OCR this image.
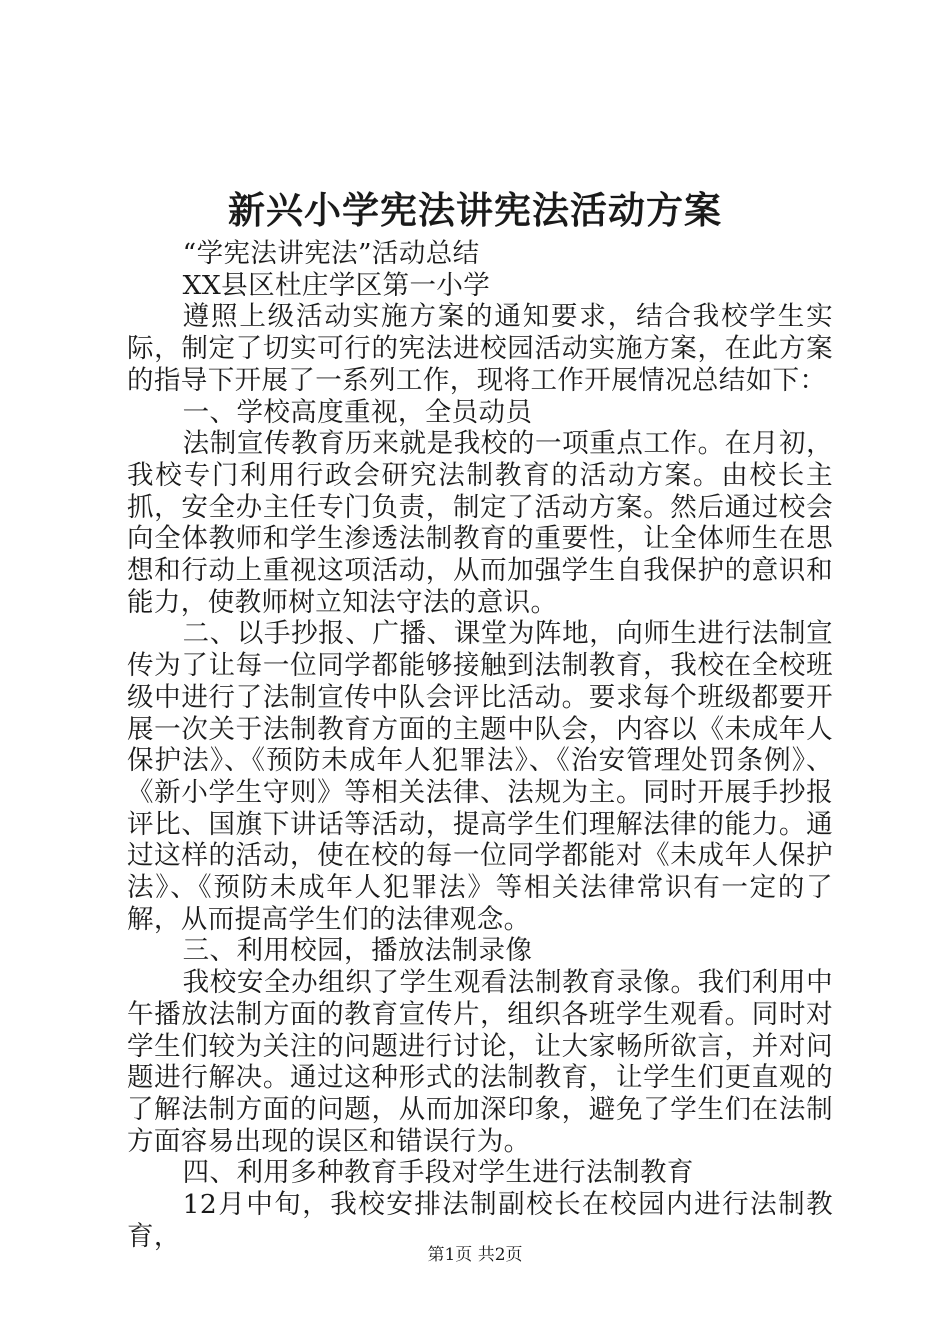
新兴小学宪法讲宪法活动方案

“学宪法讲宪法”活动总结

XX县区杜庄学区第一小学

遵照上级活动实施方案的通知要求，结合我校学生实际，制定了切实可行的宪法进校园活动实施方案，在此方案的指导下开展了一系列工作，现将工作开展情况总结如下：

一、学校高度重视，全员动员

法制宣传教育历来就是我校的一项重点工作。在月初，我校专门利用行政会研究法制教育的活动方案。由校长主抓，安全办主任专门负责，制定了活动方案。然后通过校会向全体教师和学生渗透法制教育的重要性，让全体师生在思想和行动上重视这项活动，从而加强学生自我保护的意识和能力，使教师树立知法守法的意识。

二、以手抄报、广播、课堂为阵地，向师生进行法制宣传为了让每一位同学都能够接触到法制教育，我校在全校班级中进行了法制宣传中队会评比活动。要求每个班级都要开展一次关于法制教育方面的主题中队会，内容以《未成年人保护法》、《预防未成年人犯罪法》、《治安管理处罚条例》、《新小学生守则》等相关法律、法规为主。同时开展手抄报评比、国旗下讲话等活动，提高学生们理解法律的能力。通过这样的活动，使在校的每一位同学都能对《未成年人保护法》、《预防未成年人犯罪法》等相关法律常识有一定的了解，从而提高学生们的法律观念。

三、利用校园，播放法制录像

我校安全办组织了学生观看法制教育录像。我们利用中午播放法制方面的教育宣传片，组织各班学生观看。同时对学生们较为关注的问题进行讨论，让大家畅所欲言，并对问题进行解决。通过这种形式的法制教育，让学生们更直观的了解法制方面的问题，从而加深印象，避免了学生们在法制方面容易出现的误区和错误行为。

四、利用多种教育手段对学生进行法制教育

12月中旬，我校安排法制副校长在校园内进行法制教育，

第1页 共2页
